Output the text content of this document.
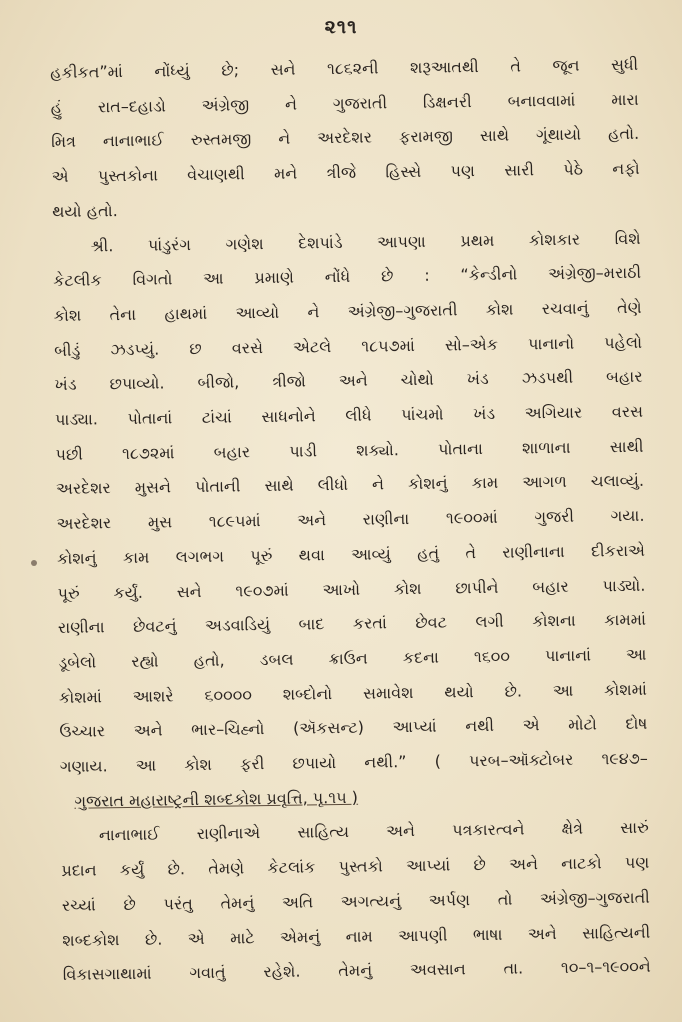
૨૧૧
હકીકત”માં નોંધ્યું છે; સને ૧૮૬૨ની શરૂઆતથી તે જૂન સુધી
હું રાત–દહાડો અંગ્રેજી ને ગુજરાતી ડિક્ષનરી બનાવવામાં મારા
મિત્ર નાનાભાઈ રુસ્તમજી ને અરદેશર ફરામજી સાથે ગૂંથાયો હતો.
એ પુસ્તકોના વેચાણથી મને ત્રીજે હિસ્સે પણ સારી પેઠે નફો
થયો હતો.
શ્રી. પાંડુરંગ ગણેશ દેશપાંડે આપણા પ્રથમ કોશકાર વિશે
કેટલીક વિગતો આ પ્રમાણે નોંધે છે : “કેન્ડીનો અંગ્રેજી–મરાઠી
કોશ તેના હાથમાં આવ્યો ને અંગ્રેજી–ગુજરાતી કોશ રચવાનું તેણે
બીડું ઝડપ્યું. છ વરસે એટલે ૧૮૫૭માં સો–એક પાનાનો પહેલો
ખંડ છપાવ્યો. બીજો, ત્રીજો અને ચોથો ખંડ ઝડપથી બહાર
પાડ્યા. પોતાનાં ટાંચાં સાધનોને લીધે પાંચમો ખંડ અગિયાર વરસ
પછી ૧૮૭૨માં બહાર પાડી શક્યો. પોતાના શાળાના સાથી
અરદેશર મુસને પોતાની સાથે લીધો ને કોશનું કામ આગળ ચલાવ્યું.
અરદેશર મુસ ૧૮૯૫માં અને રાણીના ૧૯૦૦માં ગુજરી ગયા.
કોશનું કામ લગભગ પૂરું થવા આવ્યું હતું તે રાણીનાના દીકરાએ
પૂરું કર્યું. સને ૧૯૦૭માં આખો કોશ છાપીને બહાર પાડ્યો.
રાણીના છેવટનું અડવાડિયું બાદ કરતાં છેવટ લગી કોશના કામમાં
ડૂબેલો રહ્યો હતો, ડબલ ક્રાઉન કદના ૧૬૦૦ પાનાનાં આ
કોશમાં આશરે ૬૦૦૦૦ શબ્દોનો સમાવેશ થયો છે. આ કોશમાં
ઉચ્ચાર અને ભાર–ચિહ્નો (ઍકસન્ટ) આપ્યાં નથી એ મોટો દોષ
ગણાય. આ કોશ ફરી છપાયો નથી.” ( પરબ–ઑક્ટોબર ૧૯૪૭–
ગુજરાત મહારાષ્ટ્રની શબ્દકોશ પ્રવૃત્તિ, પૃ.૧૫ )
નાનાભાઈ રાણીનાએ સાહિત્ય અને પત્રકારત્વને ક્ષેત્રે સારું
પ્રદાન કર્યું છે. તેમણે કેટલાંક પુસ્તકો આપ્યાં છે અને નાટકો પણ
રચ્યાં છે પરંતુ તેમનું અતિ અગત્યનું અર્પણ તો અંગ્રેજી–ગુજરાતી
શબ્દકોશ છે. એ માટે એમનું નામ આપણી ભાષા અને સાહિત્યની
વિકાસગાથામાં ગવાતું રહેશે. તેમનું અવસાન તા. ૧૦–૧–૧૯૦૦ને
